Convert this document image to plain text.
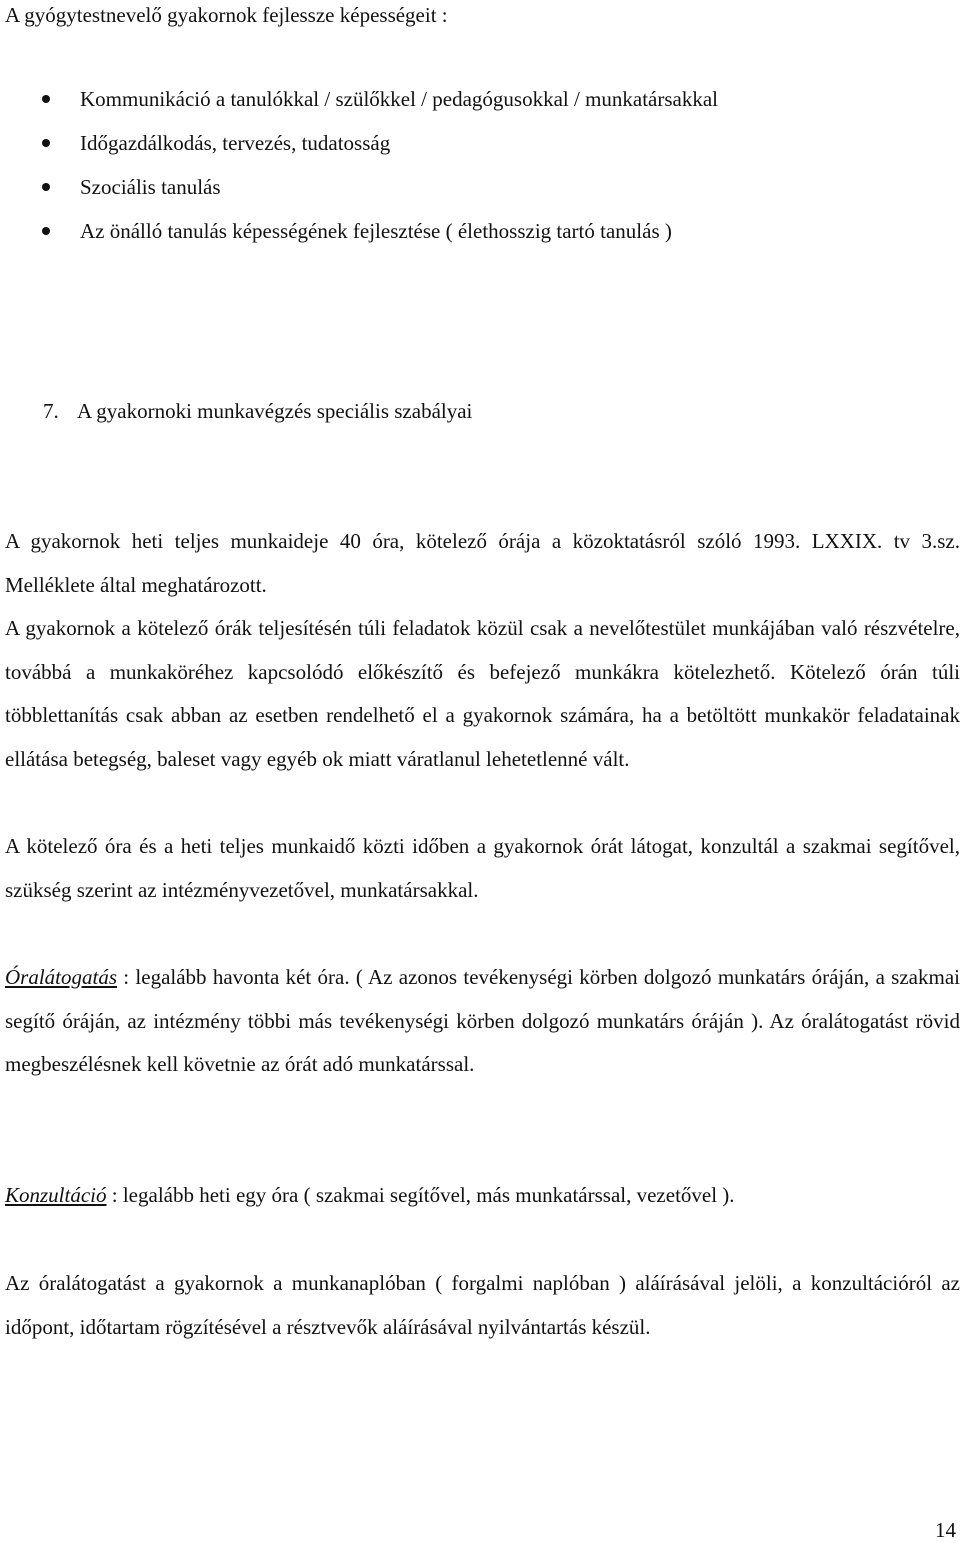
A gyógytestnevelő gyakornok fejlessze képességeit :

Kommunikáció a tanulókkal / szülőkkel / pedagógusokkal / munkatársakkal
Időgazdálkodás, tervezés, tudatosság
Szociális tanulás
Az önálló tanulás képességének fejlesztése ( élethosszig tartó tanulás )
7. A gyakornoki munkavégzés speciális szabályai

A gyakornok heti teljes munkaideje 40 óra, kötelező órája a közoktatásról szóló 1993. LXXIX. tv 3.sz. Melléklete által meghatározott.

A gyakornok a kötelező órák teljesítésén túli feladatok közül csak a nevelőtestület munkájában való részvételre, továbbá a munkaköréhez kapcsolódó előkészítő és befejező munkákra kötelezhető. Kötelező órán túli többlettanítás csak abban az esetben rendelhető el a gyakornok számára, ha a betöltött munkakör feladatainak ellátása betegség, baleset vagy egyéb ok miatt váratlanul lehetetlenné vált.

A kötelező óra és a heti teljes munkaidő közti időben a gyakornok órát látogat, konzultál a szakmai segítővel, szükség szerint az intézményvezetővel, munkatársakkal.

Óralátogatás : legalább havonta két óra. ( Az azonos tevékenységi körben dolgozó munkatárs óráján, a szakmai segítő óráján, az intézmény többi más tevékenységi körben dolgozó munkatárs óráján ). Az óralátogatást rövid megbeszélésnek kell követnie az órát adó munkatárssal.

Konzultáció : legalább heti egy óra ( szakmai segítővel, más munkatárssal, vezetővel ).

Az óralátogatást a gyakornok a munkanaplóban ( forgalmi naplóban ) aláírásával jelöli, a konzultációról az időpont, időtartam rögzítésével a résztvevők aláírásával nyilvántartás készül.

14
